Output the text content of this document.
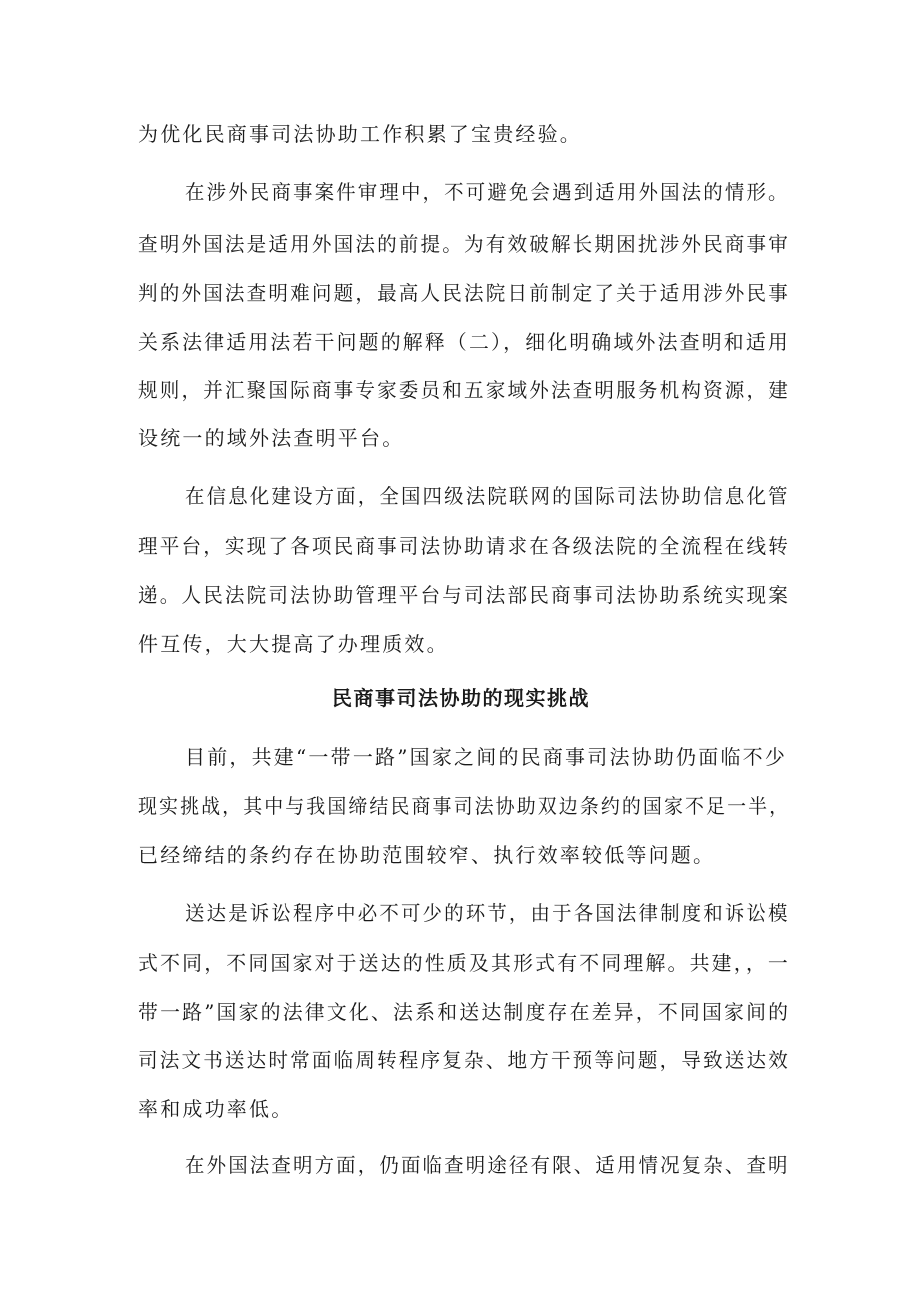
为优化民商事司法协助工作积累了宝贵经验。
在涉外民商事案件审理中，不可避免会遇到适用外国法的情形。
查明外国法是适用外国法的前提。为有效破解长期困扰涉外民商事审
判的外国法查明难问题，最高人民法院日前制定了关于适用涉外民事
关系法律适用法若干问题的解释（二），细化明确域外法查明和适用
规则，并汇聚国际商事专家委员和五家域外法查明服务机构资源，建
设统一的域外法查明平台。
在信息化建设方面，全国四级法院联网的国际司法协助信息化管
理平台，实现了各项民商事司法协助请求在各级法院的全流程在线转
递。人民法院司法协助管理平台与司法部民商事司法协助系统实现案
件互传，大大提高了办理质效。
民商事司法协助的现实挑战
目前，共建“一带一路”国家之间的民商事司法协助仍面临不少
现实挑战，其中与我国缔结民商事司法协助双边条约的国家不足一半，
已经缔结的条约存在协助范围较窄、执行效率较低等问题。
送达是诉讼程序中必不可少的环节，由于各国法律制度和诉讼模
式不同，不同国家对于送达的性质及其形式有不同理解。共建，，一
带一路”国家的法律文化、法系和送达制度存在差异，不同国家间的
司法文书送达时常面临周转程序复杂、地方干预等问题，导致送达效
率和成功率低。
在外国法查明方面，仍面临查明途径有限、适用情况复杂、查明
